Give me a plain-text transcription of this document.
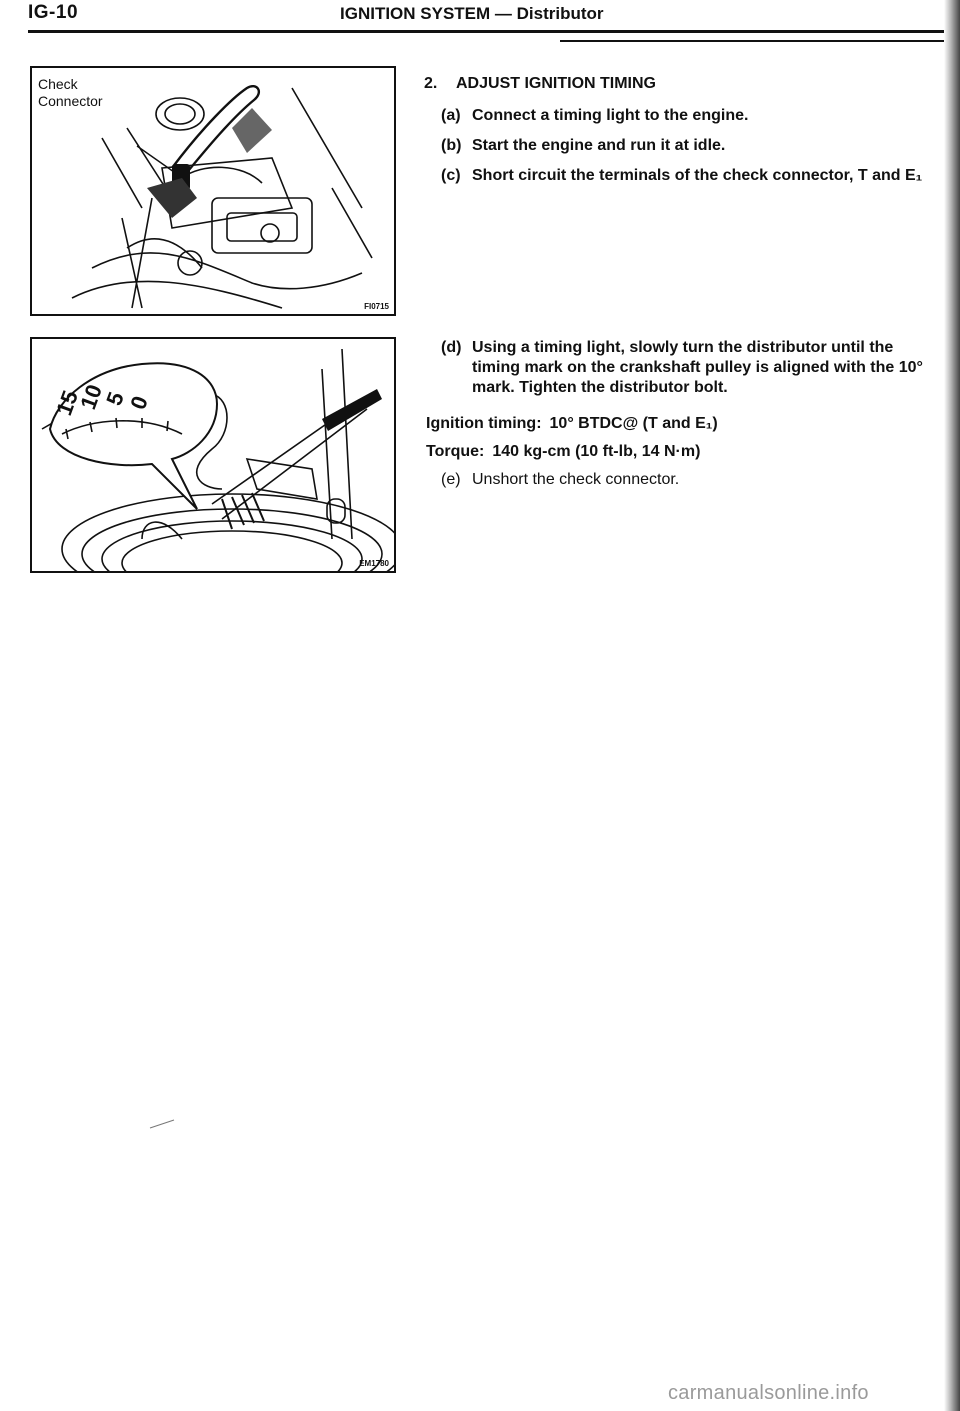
IG-10	IGNITION SYSTEM — Distributor
Check
Connector
FI0715
15
10
5
0
EM1780
2. ADJUST IGNITION TIMING
(a) Connect a timing light to the engine.
(b) Start the engine and run it at idle.
(c) Short circuit the terminals of the check connector, T and E₁
(d) Using a timing light, slowly turn the distributor until the timing mark on the crankshaft pulley is aligned with the 10° mark. Tighten the distributor bolt.
Ignition timing: 10° BTDC@ (T and E₁)
Torque: 140 kg-cm (10 ft-lb, 14 N·m)
(e) Unshort the check connector.
carmanualsonline.info
